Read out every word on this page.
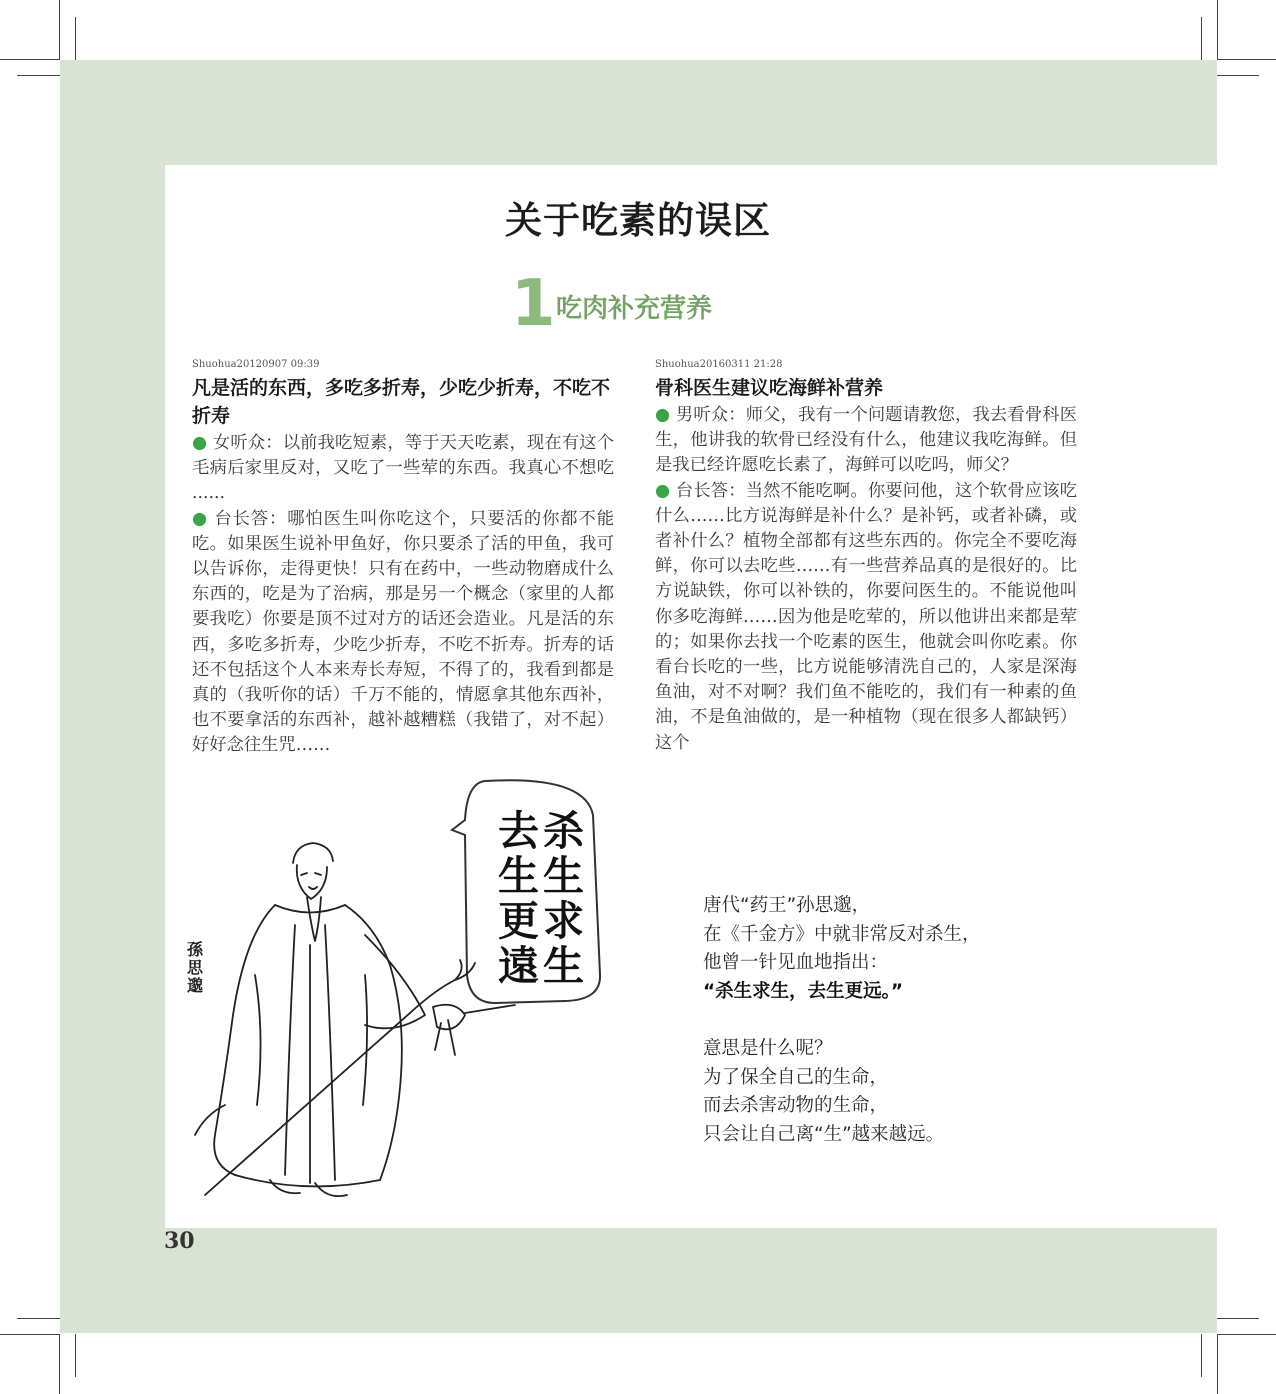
关于吃素的误区
1 吃肉补充营养
Shuohua20120907 09:39
凡是活的东西，多吃多折寿，少吃少折寿，不吃不折寿

● 女听众：以前我吃短素，等于天天吃素，现在有这个毛病后家里反对，又吃了一些荤的东西。我真心不想吃 ......

● 台长答：哪怕医生叫你吃这个，只要活的你都不能吃。如果医生说补甲鱼好，你只要杀了活的甲鱼，我可以告诉你，走得更快！只有在药中，一些动物磨成什么东西的，吃是为了治病，那是另一个概念（家里的人都要我吃）你要是顶不过对方的话还会造业。凡是活的东西，多吃多折寿，少吃少折寿，不吃不折寿。折寿的话还不包括这个人本来寿长寿短，不得了的，我看到都是真的（我听你的话）千万不能的，情愿拿其他东西补，也不要拿活的东西补，越补越糟糕（我错了，对不起）好好念往生咒……

Shuohua20160311 21:28
骨科医生建议吃海鲜补营养

● 男听众：师父，我有一个问题请教您，我去看骨科医生，他讲我的软骨已经没有什么，他建议我吃海鲜。但是我已经许愿吃长素了，海鲜可以吃吗，师父？

● 台长答：当然不能吃啊。你要问他，这个软骨应该吃什么……比方说海鲜是补什么？是补钙，或者补磷，或者补什么？植物全部都有这些东西的。你完全不要吃海鲜，你可以去吃些……有一些营养品真的是很好的。比方说缺铁，你可以补铁的，你要问医生的。不能说他叫你多吃海鲜……因为他是吃荤的，所以他讲出来都是荤的；如果你去找一个吃素的医生，他就会叫你吃素。你看台长吃的一些，比方说能够清洗自己的，人家是深海鱼油，对不对啊？我们鱼不能吃的，我们有一种素的鱼油，不是鱼油做的，是一种植物（现在很多人都缺钙）这个

杀
生
求
生
去
生
更
遠
孫
思
邈
唐代“药王”孙思邈，
在《千金方》中就非常反对杀生，
他曾一针见血地指出：
“杀生求生，去生更远。”
意思是什么呢？
为了保全自己的生命，
而去杀害动物的生命，
只会让自己离“生”越来越远。
30
